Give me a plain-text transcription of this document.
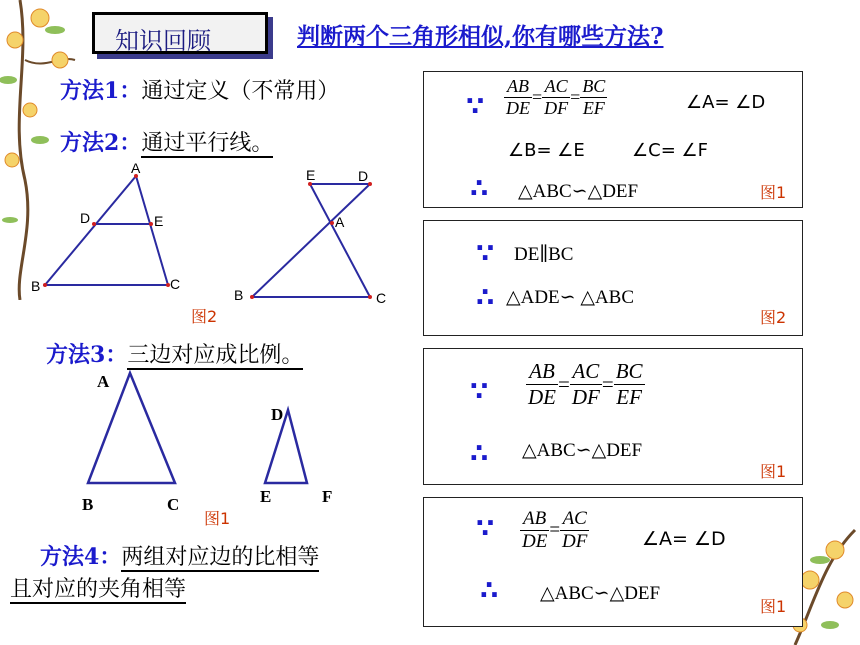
知识回顾	判断两个三角形相似,你有哪些方法?
方法1：通过定义（不常用）
方法2：通过平行线。
方法3：三边对应成比例。
方法4：两组对应边的比相等
且对应的夹角相等
A
D	E
B	C
E	D
A
B	C
图2
A
B	C
D
E	F
图1
∵ $\frac{AB}{DE} = \frac{AC}{DF} = \frac{BC}{EF}$	∠A= ∠D
∠B= ∠E	∠C= ∠F
∴ △ABC∽△DEF	图1
∵ DE∥BC
∴ △ADE∽ △ABC
图2
∵ $\frac{AB}{DE} = \frac{AC}{DF} = \frac{BC}{EF}$
∴ △ABC∽△DEF
图1
∵ $\frac{AB}{DE} = \frac{AC}{DF}$	∠A= ∠D
∴ △ABC∽△DEF
图1
